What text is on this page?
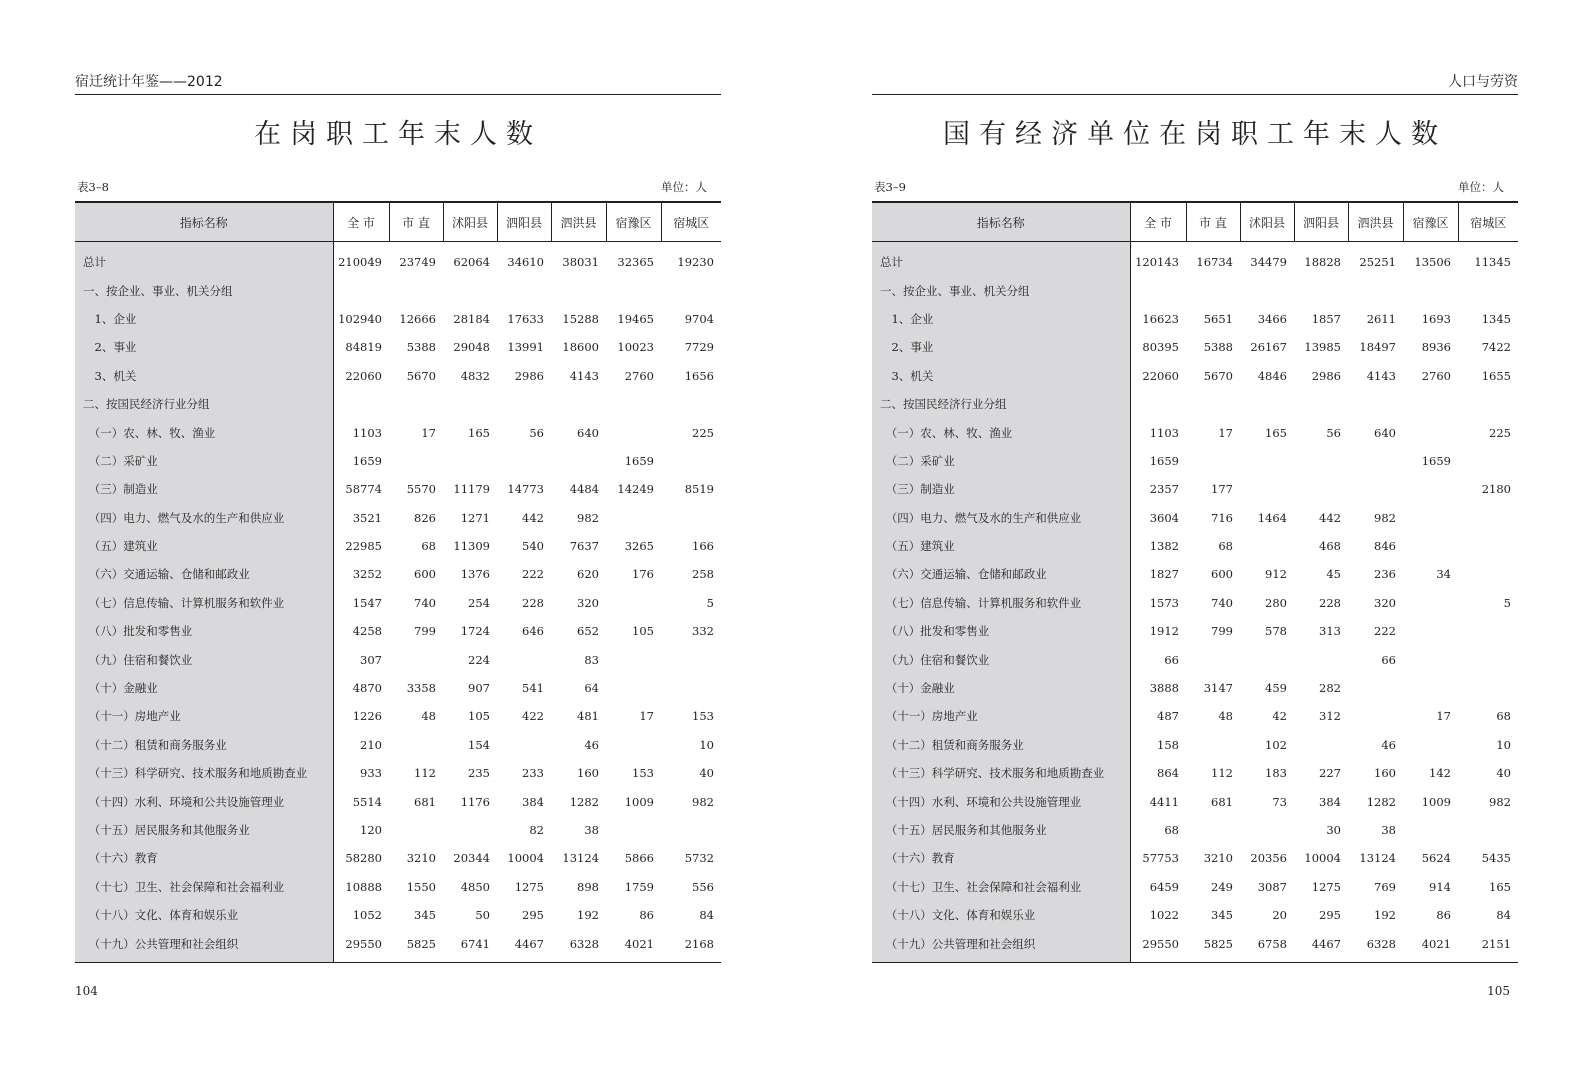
宿迁统计年鉴——2012
在岗职工年末人数
表3–8	单位：人
指标名称	全 市	市 直	沭阳县	泗阳县	泗洪县	宿豫区	宿城区
总计	210049	23749	62064	34610	38031	32365	19230
一、按企业、事业、机关分组							
　1、企业	102940	12666	28184	17633	15288	19465	9704
　2、事业	84819	5388	29048	13991	18600	10023	7729
　3、机关	22060	5670	4832	2986	4143	2760	1656
二、按国民经济行业分组							
　（一）农、林、牧、渔业	1103	17	165	56	640		225
　（二）采矿业	1659					1659	
　（三）制造业	58774	5570	11179	14773	4484	14249	8519
　（四）电力、燃气及水的生产和供应业	3521	826	1271	442	982		
　（五）建筑业	22985	68	11309	540	7637	3265	166
　（六）交通运输、仓储和邮政业	3252	600	1376	222	620	176	258
　（七）信息传输、计算机服务和软件业	1547	740	254	228	320		5
　（八）批发和零售业	4258	799	1724	646	652	105	332
　（九）住宿和餐饮业	307		224		83		
　（十）金融业	4870	3358	907	541	64		
　（十一）房地产业	1226	48	105	422	481	17	153
　（十二）租赁和商务服务业	210		154		46		10
　（十三）科学研究、技术服务和地质勘查业	933	112	235	233	160	153	40
　（十四）水利、环境和公共设施管理业	5514	681	1176	384	1282	1009	982
　（十五）居民服务和其他服务业	120			82	38		
　（十六）教育	58280	3210	20344	10004	13124	5866	5732
　（十七）卫生、社会保障和社会福利业	10888	1550	4850	1275	898	1759	556
　（十八）文化、体育和娱乐业	1052	345	50	295	192	86	84
　（十九）公共管理和社会组织	29550	5825	6741	4467	6328	4021	2168
104
人口与劳资
国有经济单位在岗职工年末人数
表3–9	单位：人
指标名称	全 市	市 直	沭阳县	泗阳县	泗洪县	宿豫区	宿城区
总计	120143	16734	34479	18828	25251	13506	11345
一、按企业、事业、机关分组							
　1、企业	16623	5651	3466	1857	2611	1693	1345
　2、事业	80395	5388	26167	13985	18497	8936	7422
　3、机关	22060	5670	4846	2986	4143	2760	1655
二、按国民经济行业分组							
　（一）农、林、牧、渔业	1103	17	165	56	640		225
　（二）采矿业	1659					1659	
　（三）制造业	2357	177					2180
　（四）电力、燃气及水的生产和供应业	3604	716	1464	442	982		
　（五）建筑业	1382	68		468	846		
　（六）交通运输、仓储和邮政业	1827	600	912	45	236	34	
　（七）信息传输、计算机服务和软件业	1573	740	280	228	320		5
　（八）批发和零售业	1912	799	578	313	222		
　（九）住宿和餐饮业	66				66		
　（十）金融业	3888	3147	459	282			
　（十一）房地产业	487	48	42	312		17	68
　（十二）租赁和商务服务业	158		102		46		10
　（十三）科学研究、技术服务和地质勘查业	864	112	183	227	160	142	40
　（十四）水利、环境和公共设施管理业	4411	681	73	384	1282	1009	982
　（十五）居民服务和其他服务业	68			30	38		
　（十六）教育	57753	3210	20356	10004	13124	5624	5435
　（十七）卫生、社会保障和社会福利业	6459	249	3087	1275	769	914	165
　（十八）文化、体育和娱乐业	1022	345	20	295	192	86	84
　（十九）公共管理和社会组织	29550	5825	6758	4467	6328	4021	2151
105
